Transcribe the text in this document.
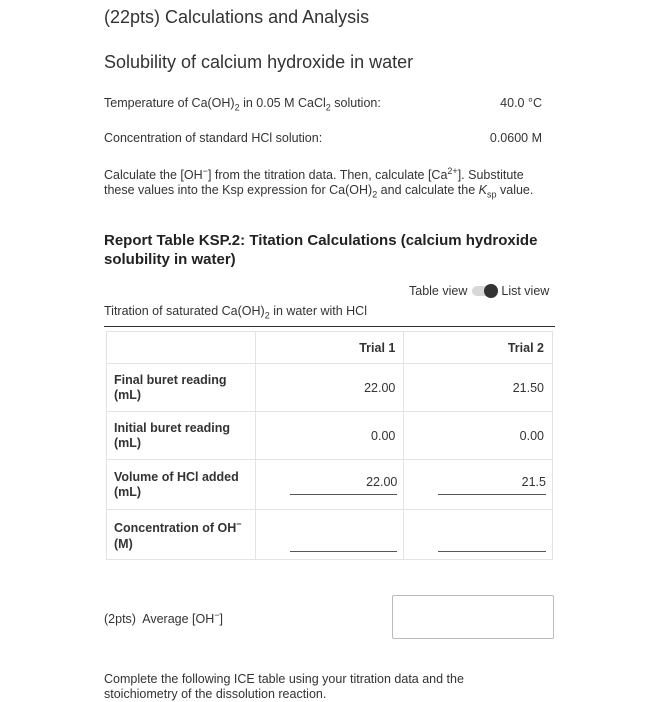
(22pts) Calculations and Analysis
Solubility of calcium hydroxide in water
Temperature of $Ca(OH)_2$ in 0.05 M CaCl$_2$ solution:	40.0 °C
Concentration of standard HCl solution:	0.0600 M
Calculate the [OH−] from the titration data. Then, calculate $[Ca^{2+}]$. Substitute these values into the Ksp expression for $Ca(OH)_2$ and calculate the $K_{sp}$ value.
Report Table KSP.2: Titation Calculations (calcium hydroxide solubility in water)
Table view	List view
Titration of saturated $Ca(OH)_2$ in water with HCl
	Trial 1	Trial 2
Final buret reading (mL)	22.00	21.50
Initial buret reading (mL)	0.00	0.00
Volume of HCl added (mL)	22.00	21.5

Concentration of OH− (M)	

(2pts) Average [OH−]
Complete the following ICE table using your titration data and the stoichiometry of the dissolution reaction.
